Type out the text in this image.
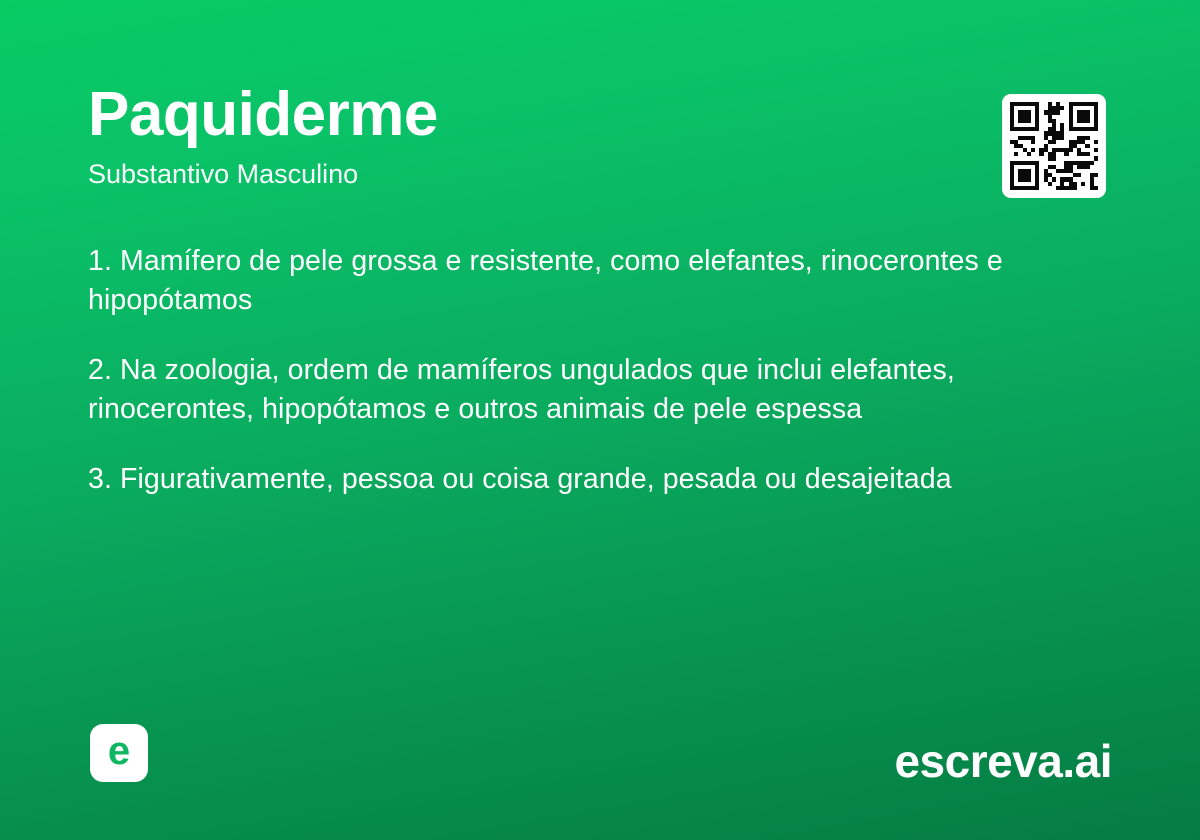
Paquiderme

Substantivo Masculino

1. Mamífero de pele grossa e resistente, como elefantes, rinocerontes e hipopótamos

2. Na zoologia, ordem de mamíferos ungulados que inclui elefantes, rinocerontes, hipopótamos e outros animais de pele espessa

3. Figurativamente, pessoa ou coisa grande, pesada ou desajeitada

e	escreva.ai
